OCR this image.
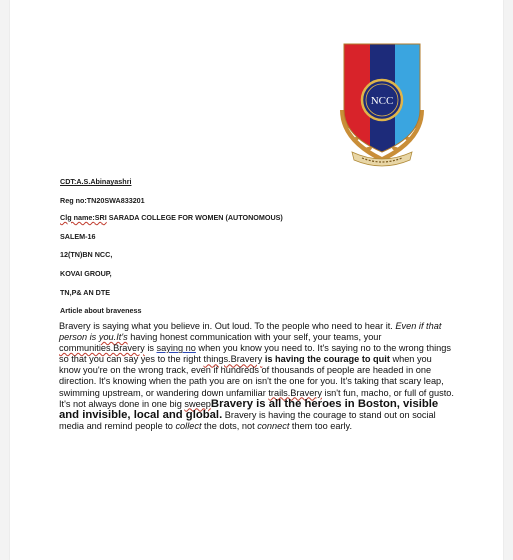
NCC
CDT:A.S.Abinayashri
Reg no:TN20SWA833201
Clg name:SRI SARADA COLLEGE FOR WOMEN (AUTONOMOUS)
SALEM-16
12(TN)BN NCC,
KOVAI GROUP,
TN,P& AN DTE
Article about braveness
Bravery is saying what you believe in. Out loud. To the people who need to hear it. Even if that person is you.It's having honest communication with your self, your teams, your communities.Bravery is saying no when you know you need to. It's saying no to the wrong things so that you can say yes to the right things.Bravery is having the courage to quit when you know you're on the wrong track, even if hundreds of thousands of people are headed in one direction. It's knowing when the path you are on isn't the one for you. It's taking that scary leap, swimming upstream, or wandering down unfamiliar trails.Bravery isn't fun, macho, or full of gusto. It's not always done in one big sweepBravery is all the heroes in Boston, visible and invisible, local and global. Bravery is having the courage to stand out on social media and remind people to collect the dots, not connect them too early.
